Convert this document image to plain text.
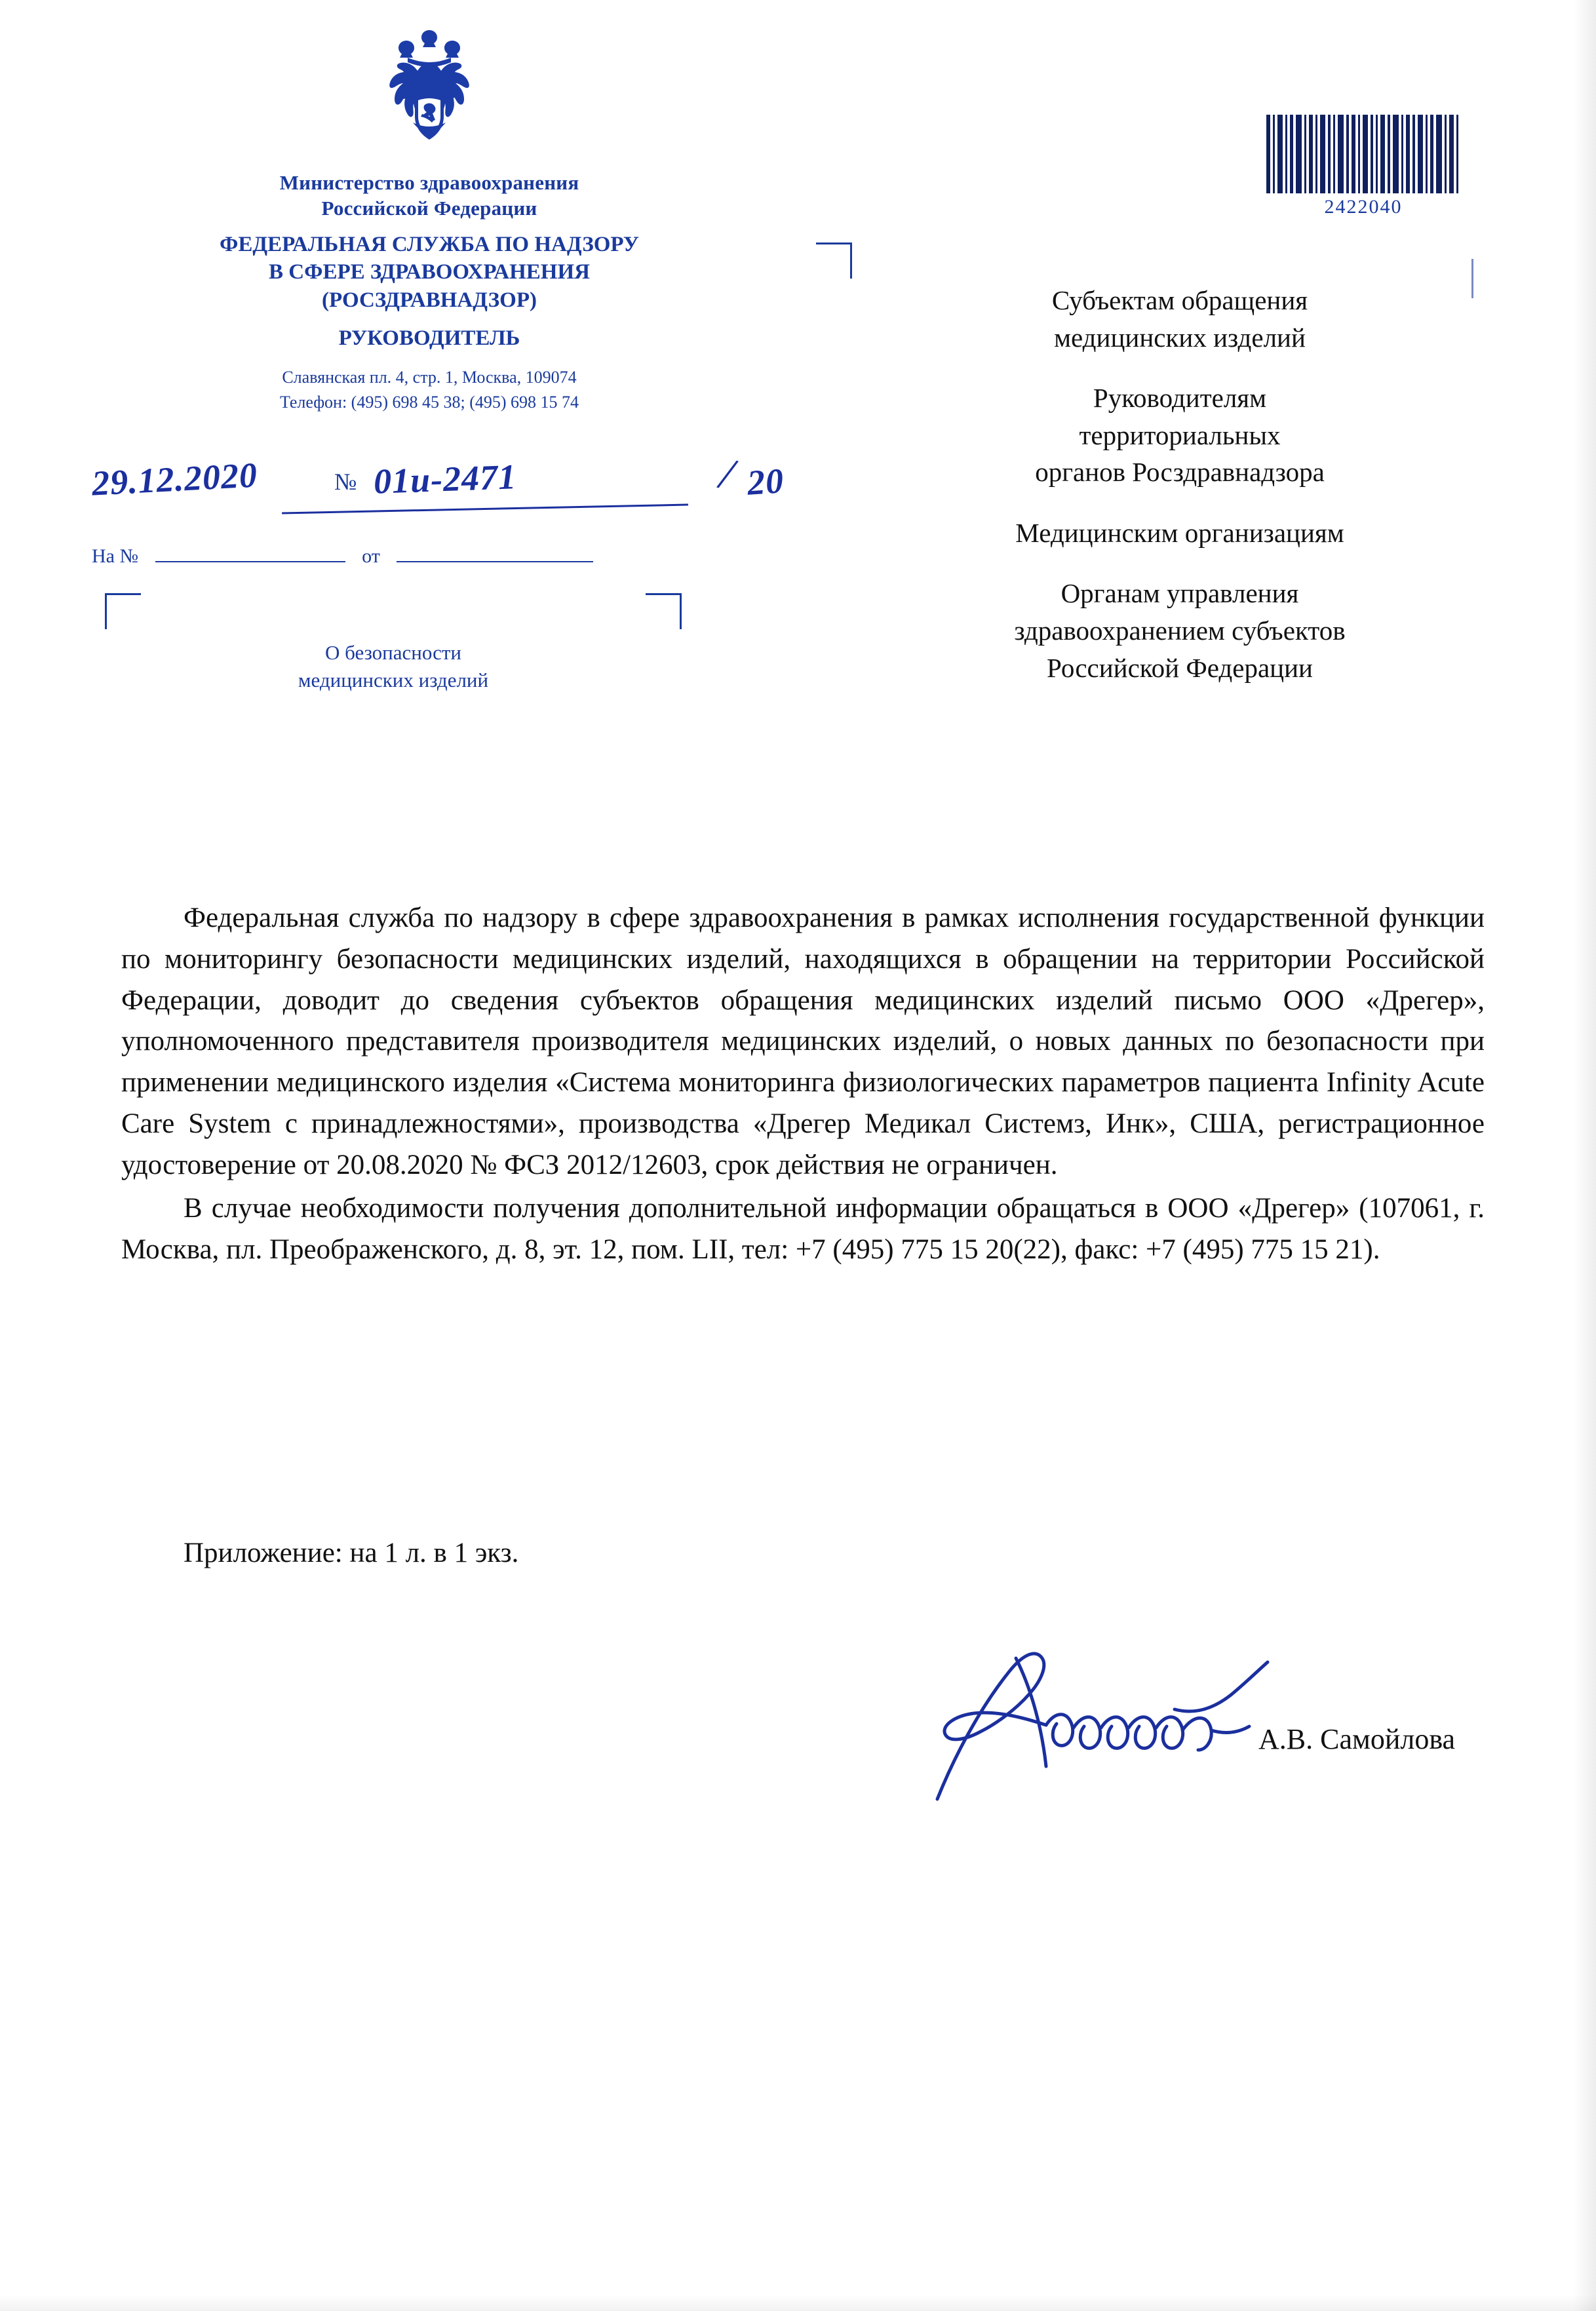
Министерство здравоохранения
Российской Федерации
ФЕДЕРАЛЬНАЯ СЛУЖБА ПО НАДЗОРУ
В СФЕРЕ ЗДРАВООХРАНЕНИЯ
(РОСЗДРАВНАДЗОР)
РУКОВОДИТЕЛЬ
Славянская пл. 4, стр. 1, Москва, 109074
Телефон: (495) 698 45 38; (495) 698 15 74
29.12.2020	№ 01и-2471	/ 20
На №	от
О безопасности
медицинских изделий
2422040
Субъектам обращения
медицинских изделий
Руководителям
территориальных
органов Росздравнадзора
Медицинским организациям
Органам управления
здравоохранением субъектов
Российской Федерации

Федеральная служба по надзору в сфере здравоохранения в рамках исполнения государственной функции по мониторингу безопасности медицинских изделий, находящихся в обращении на территории Российской Федерации, доводит до сведения субъектов обращения медицинских изделий письмо ООО «Дрегер», уполномоченного представителя производителя медицинских изделий, о новых данных по безопасности при применении медицинского изделия «Система мониторинга физиологических параметров пациента Infinity Acute Care System с принадлежностями», производства «Дрегер Медикал Системз, Инк», США, регистрационное удостоверение от 20.08.2020 № ФСЗ 2012/12603, срок действия не ограничен.

В случае необходимости получения дополнительной информации обращаться в ООО «Дрегер» (107061, г. Москва, пл. Преображенского, д. 8, эт. 12, пом. LII, тел: +7 (495) 775 15 20(22), факс: +7 (495) 775 15 21).

Приложение: на 1 л. в 1 экз.
А.В. Самойлова
